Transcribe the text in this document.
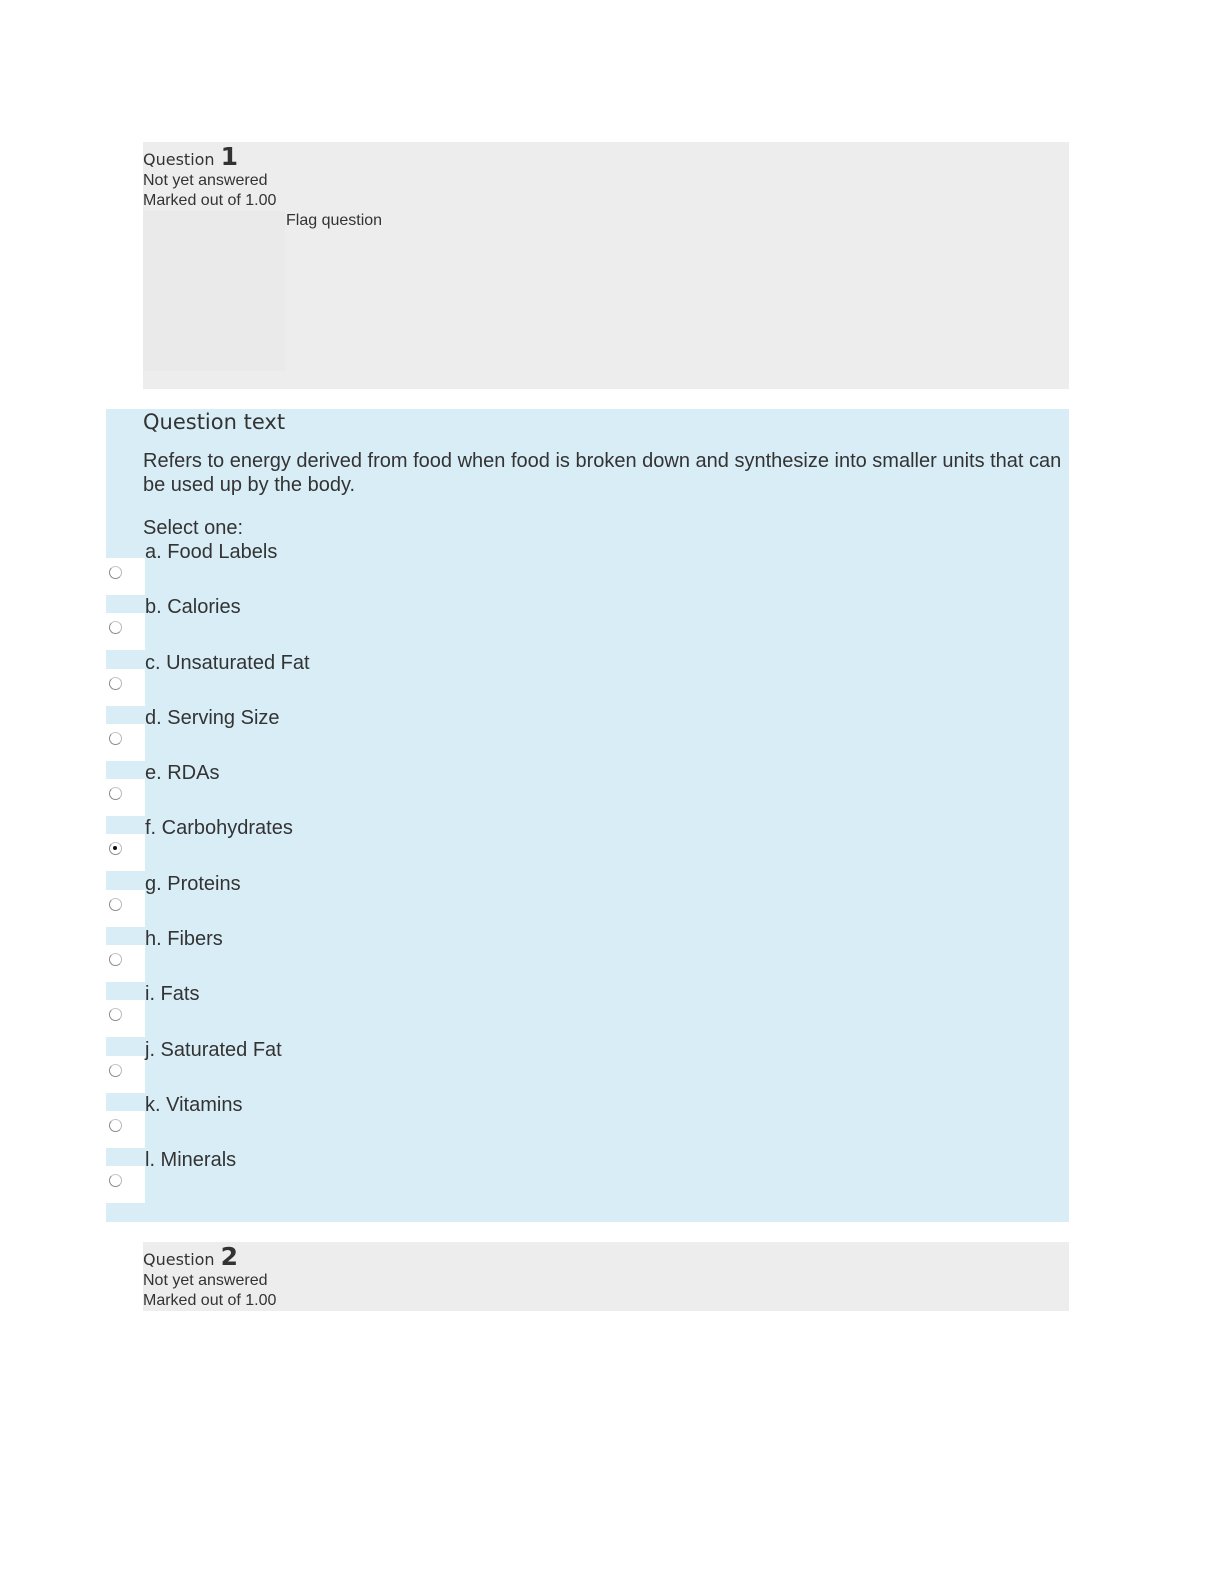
Question 1
Not yet answered
Marked out of 1.00
Flag question
Question text
Refers to energy derived from food when food is broken down and synthesize into smaller units that can be used up by the body.
Select one:
a. Food Labels
b. Calories
c. Unsaturated Fat
d. Serving Size
e. RDAs
f. Carbohydrates
g. Proteins
h. Fibers
i. Fats
j. Saturated Fat
k. Vitamins
l. Minerals
Question 2
Not yet answered
Marked out of 1.00
